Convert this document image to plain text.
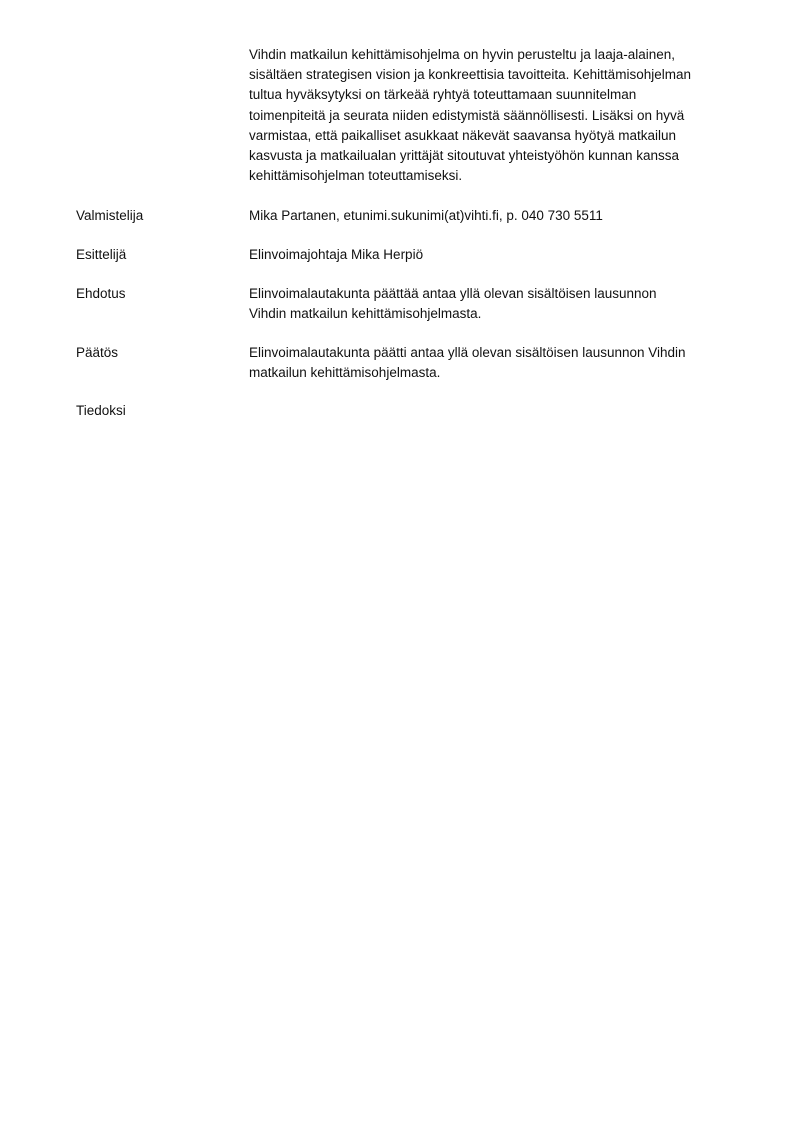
Vihdin matkailun kehittämisohjelma on hyvin perusteltu ja laaja-alainen,
sisältäen strategisen vision ja konkreettisia tavoitteita. Kehittämisohjelman
tultua hyväksytyksi on tärkeää ryhtyä toteuttamaan suunnitelman
toimenpiteitä ja seurata niiden edistymistä säännöllisesti. Lisäksi on hyvä
varmistaa, että paikalliset asukkaat näkevät saavansa hyötyä matkailun
kasvusta ja matkailualan yrittäjät sitoutuvat yhteistyöhön kunnan kanssa
kehittämisohjelman toteuttamiseksi.
Valmistelija	Mika Partanen, etunimi.sukunimi(at)vihti.fi, p. 040 730 5511
Esittelijä	Elinvoimajohtaja Mika Herpiö
Ehdotus	Elinvoimalautakunta päättää antaa yllä olevan sisältöisen lausunnon
Vihdin matkailun kehittämisohjelmasta.
Päätös	Elinvoimalautakunta päätti antaa yllä olevan sisältöisen lausunnon Vihdin
matkailun kehittämisohjelmasta.
Tiedoksi
